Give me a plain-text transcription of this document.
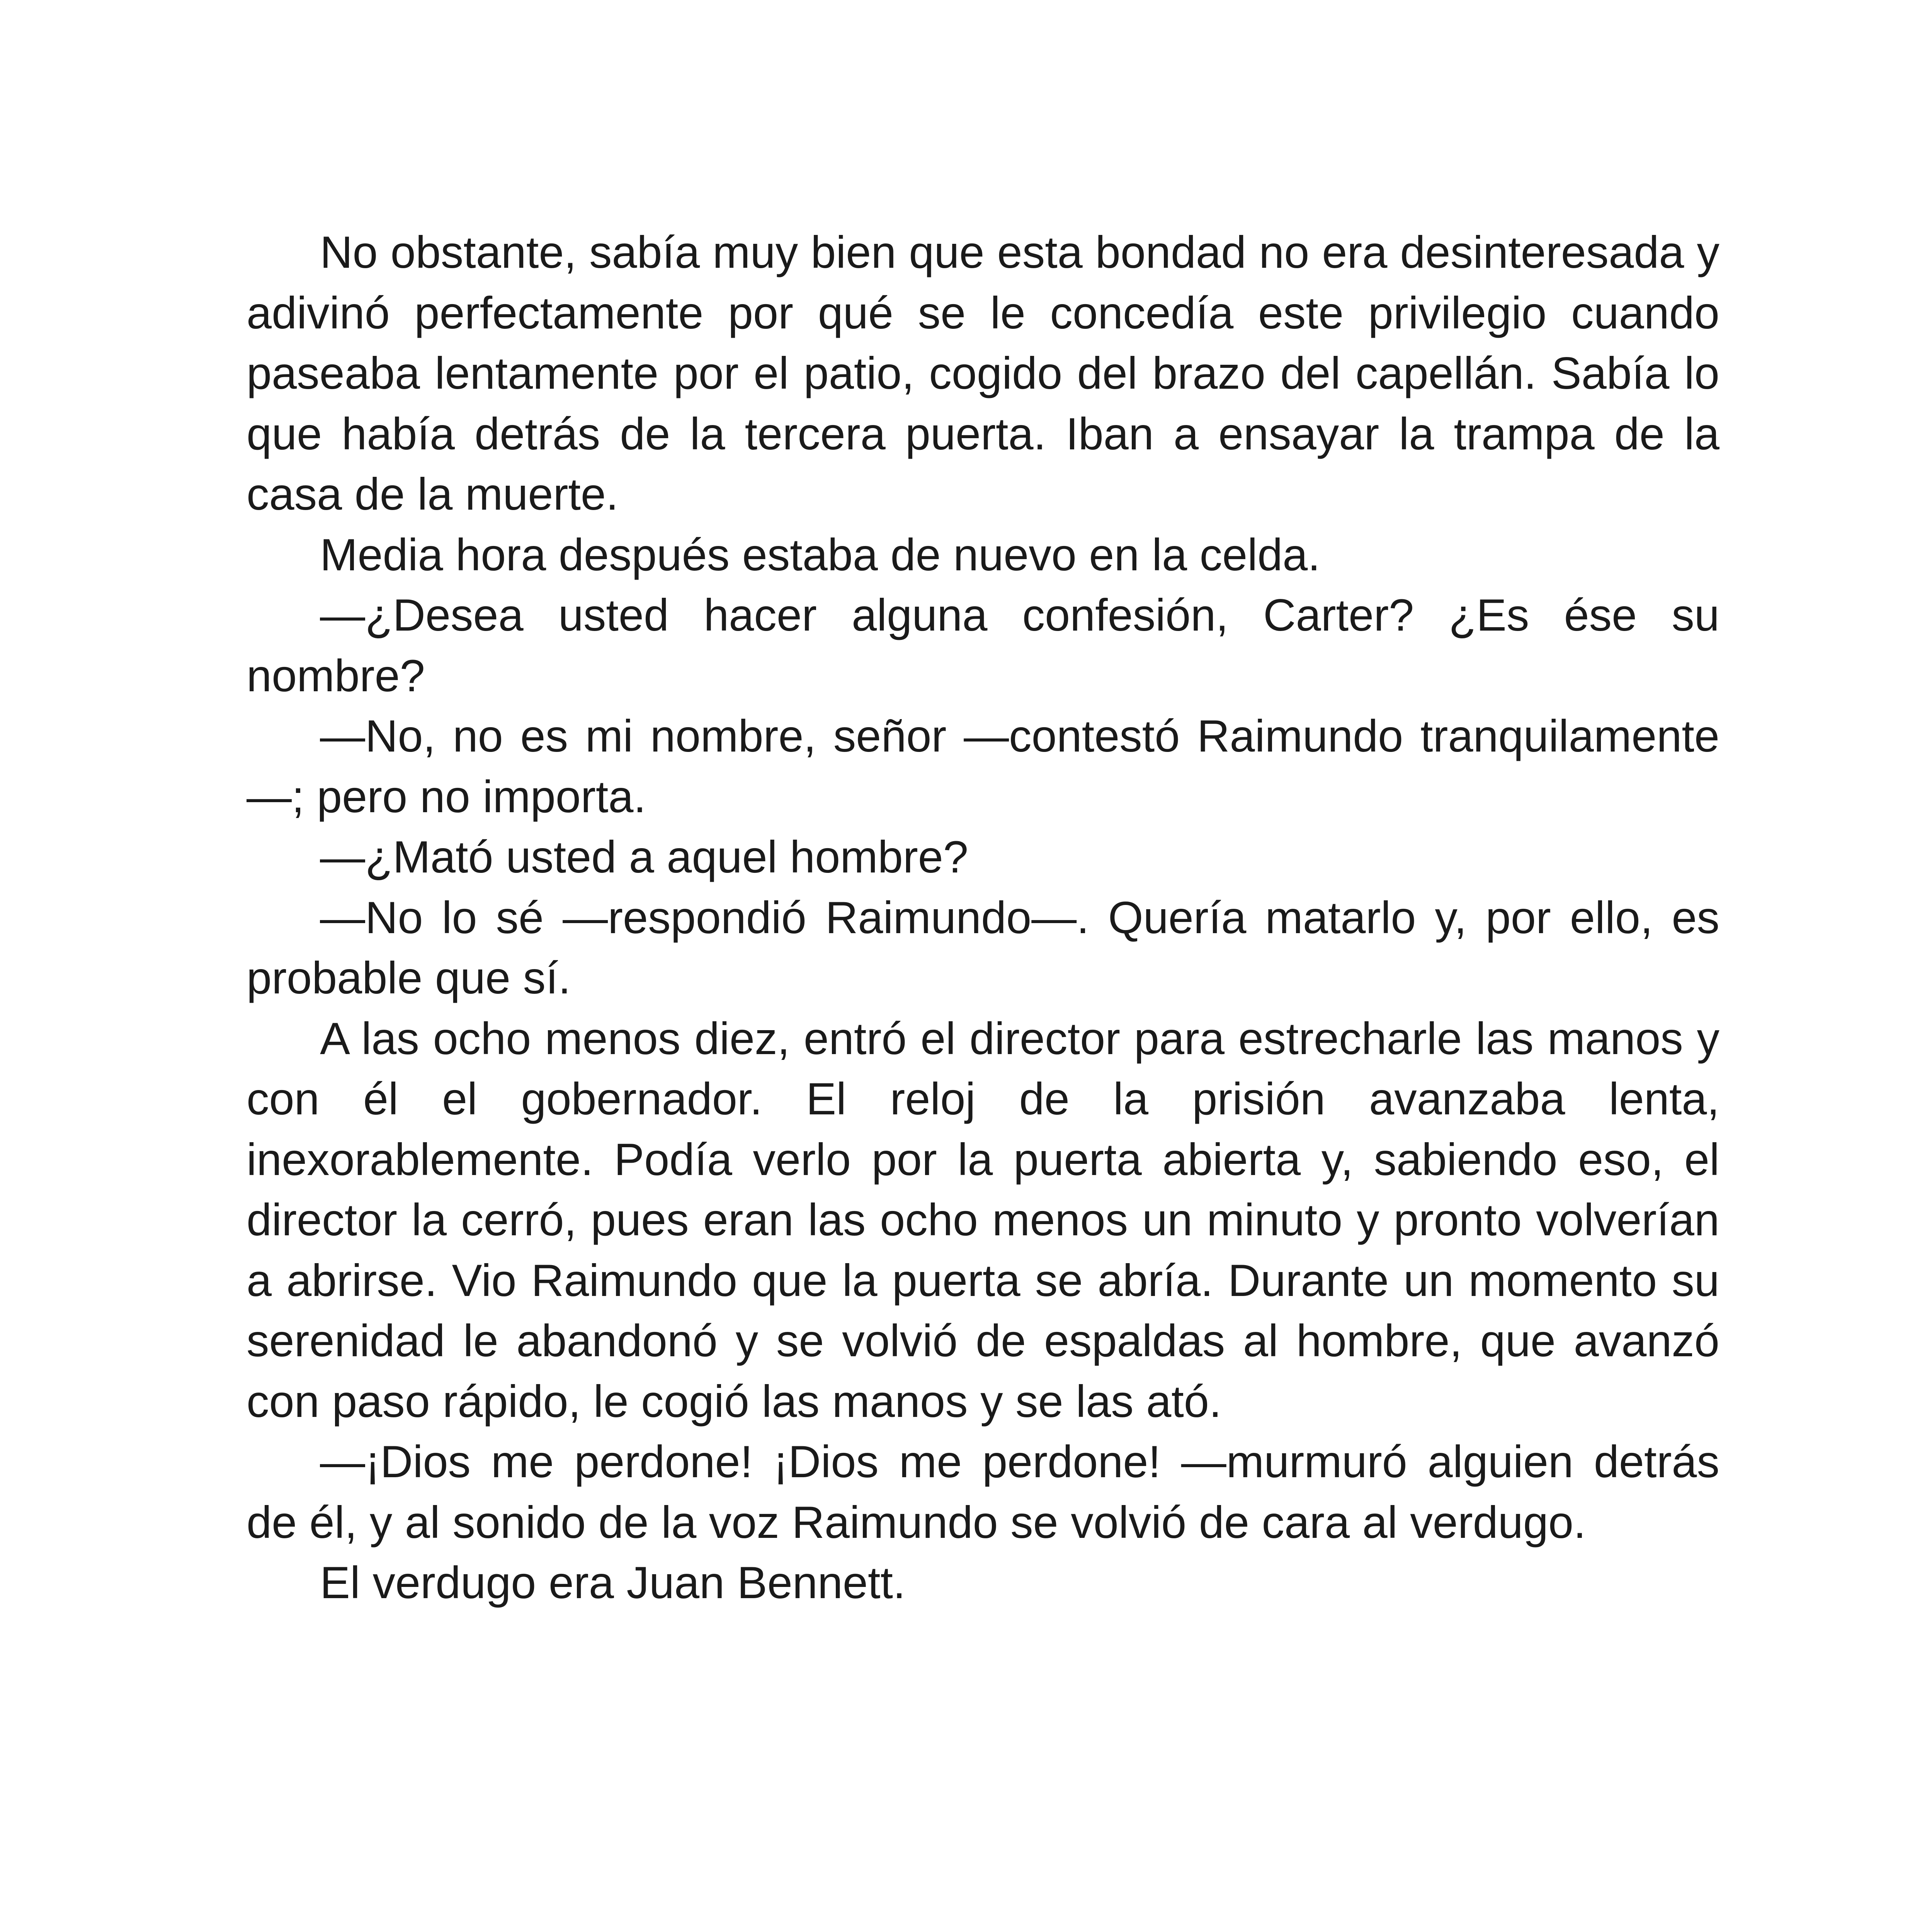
No obstante, sabía muy bien que esta bondad no era desinteresada y adivinó perfectamente por qué se le concedía este privilegio cuando paseaba lentamente por el patio, cogido del brazo del capellán. Sabía lo que había detrás de la tercera puerta. Iban a ensayar la trampa de la casa de la muerte.

Media hora después estaba de nuevo en la celda.

—¿Desea usted hacer alguna confesión, Carter? ¿Es ése su nombre?

—No, no es mi nombre, señor —contestó Raimundo tranquilamente—; pero no importa.

—¿Mató usted a aquel hombre?

—No lo sé —respondió Raimundo—. Quería matarlo y, por ello, es probable que sí.

A las ocho menos diez, entró el director para estrecharle las manos y con él el gobernador. El reloj de la prisión avanzaba lenta, inexorablemente. Podía verlo por la puerta abierta y, sabiendo eso, el director la cerró, pues eran las ocho menos un minuto y pronto volverían a abrirse. Vio Raimundo que la puerta se abría. Durante un momento su serenidad le abandonó y se volvió de espaldas al hombre, que avanzó con paso rápido, le cogió las manos y se las ató.

—¡Dios me perdone! ¡Dios me perdone! —murmuró alguien detrás de él, y al sonido de la voz Raimundo se volvió de cara al verdugo.

El verdugo era Juan Bennett.
